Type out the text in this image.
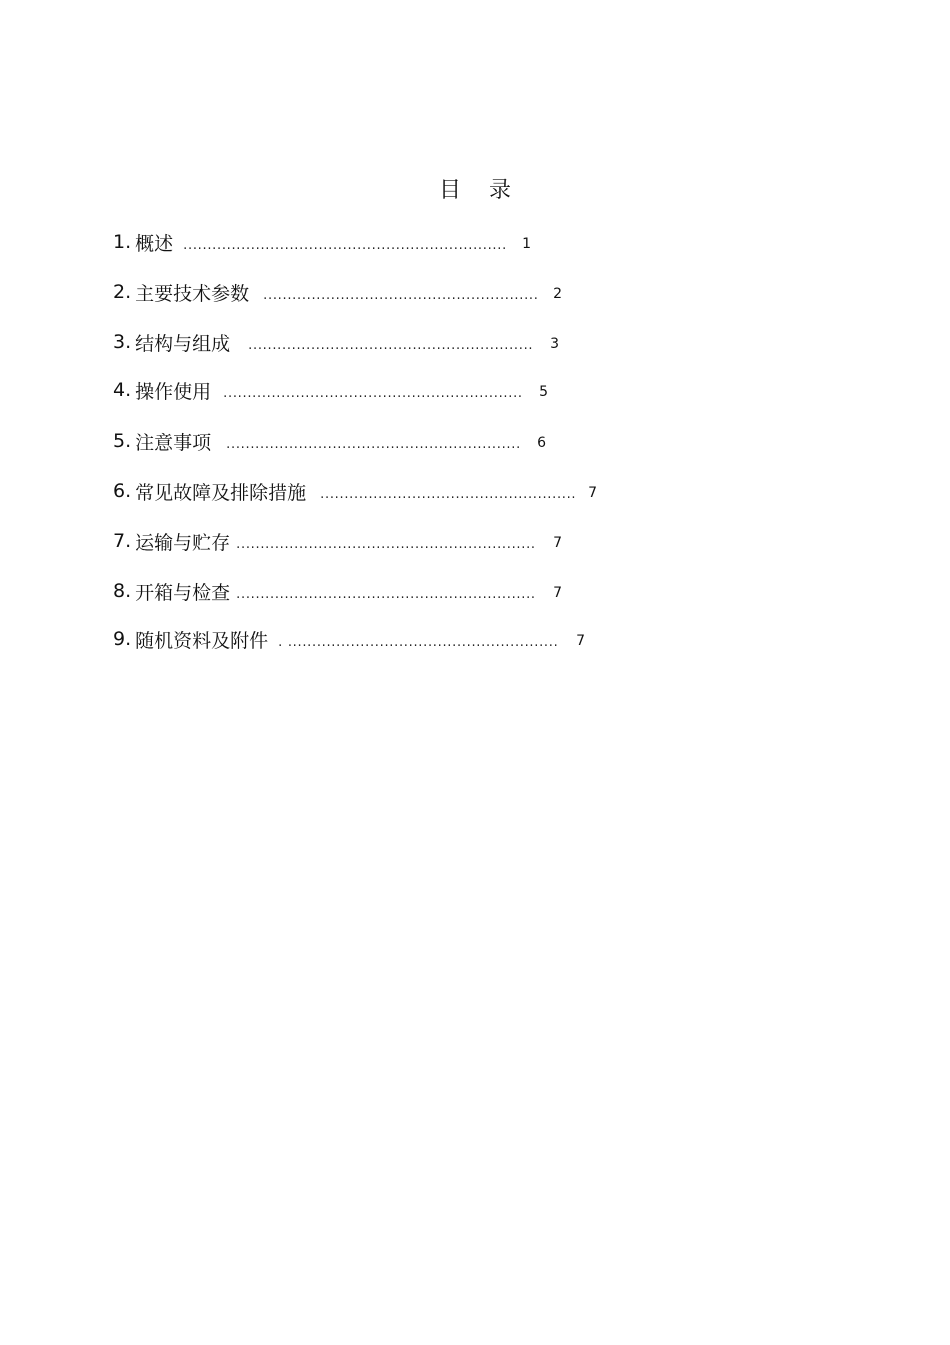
目 录
1. 概述 ...................................................................	1
2. 主要技术参数 .........................................................	2
3. 结构与组成 ...........................................................	3
4. 操作使用 ..............................................................	5
5. 注意事项 .............................................................	6
6. 常见故障及排除措施 ..................................................... 7
7. 运输与贮存 ..............................................................	7
8. 开箱与检查 ..............................................................	7
9. 随机资料及附件 . ........................................................	7
